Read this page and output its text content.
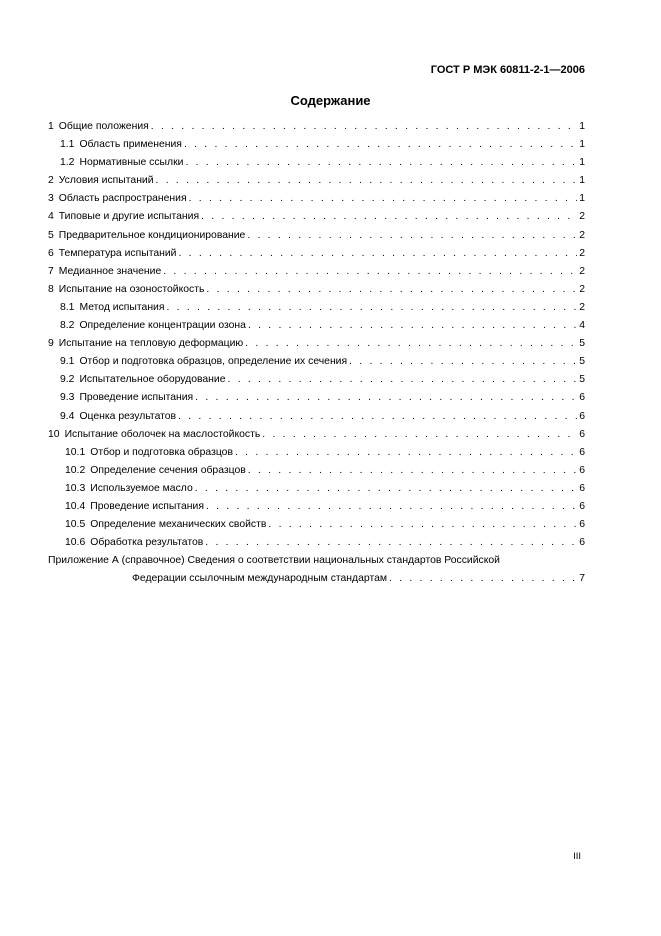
ГОСТ Р МЭК 60811-2-1—2006
Содержание
1 Общие положения . . .	1
1.1 Область применения . . .	1
1.2 Нормативные ссылки . . .	1
2 Условия испытаний . . .	1
3 Область распространения . . .	1
4 Типовые и другие испытания . . .	2
5 Предварительное кондиционирование . . .	2
6 Температура испытаний . . .	2
7 Медианное значение . . .	2
8 Испытание на озоностойкость . . .	2
8.1 Метод испытания . . .	2
8.2 Определение концентрации озона . . .	4
9 Испытание на тепловую деформацию . . .	5
9.1 Отбор и подготовка образцов, определение их сечения . . .	5
9.2 Испытательное оборудование . . .	5
9.3 Проведение испытания . . .	6
9.4 Оценка результатов . . .	6
10 Испытание оболочек на маслостойкость . . .	6
10.1 Отбор и подготовка образцов . . .	6
10.2 Определение сечения образцов . . .	6
10.3 Используемое масло . . .	6
10.4 Проведение испытания . . .	6
10.5 Определение механических свойств . . .	6
10.6 Обработка результатов . . .	6
Приложение А (справочное) Сведения о соответствии национальных стандартов Российской
Федерации ссылочным международным стандартам . . .	7
III
